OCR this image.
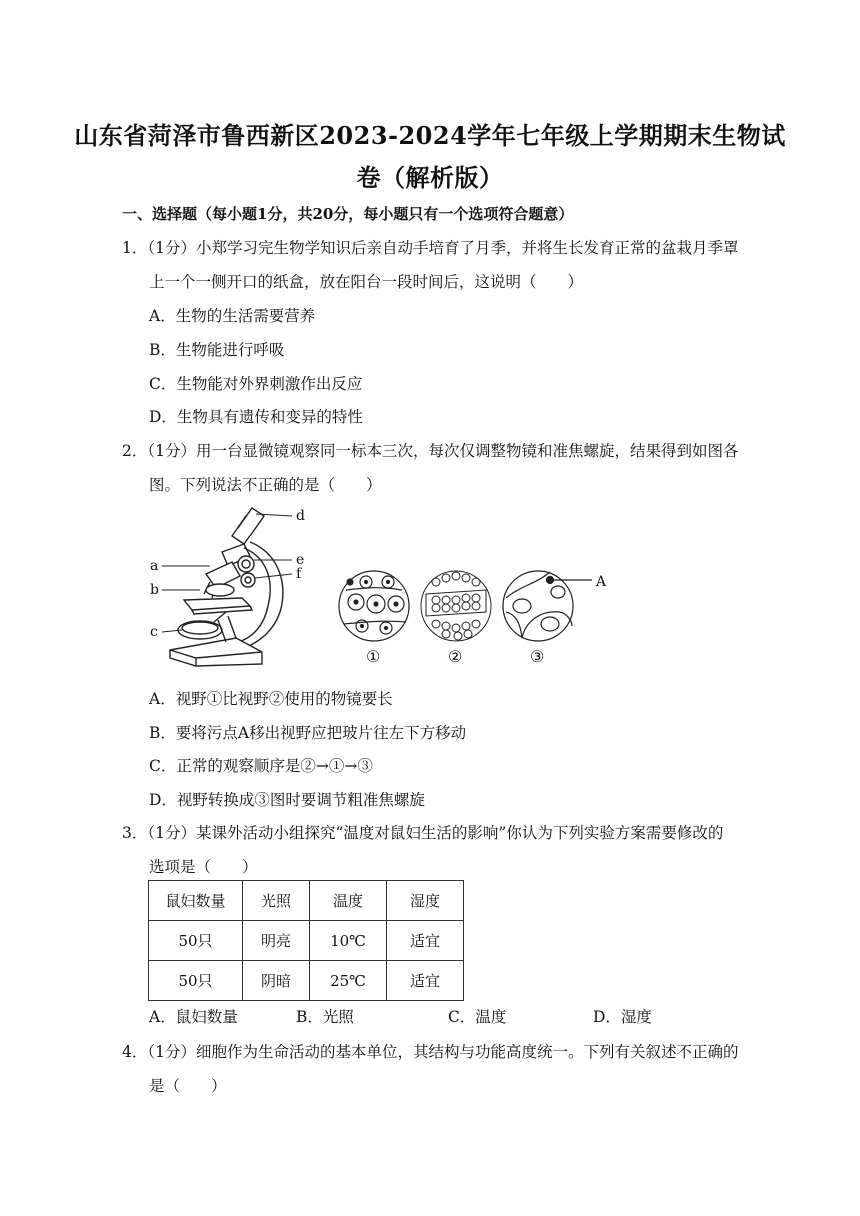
山东省菏泽市鲁西新区2023-2024学年七年级上学期期末生物试
卷（解析版）
一、选择题（每小题1分，共20分，每小题只有一个选项符合题意）
1．（1分）小郑学习完生物学知识后亲自动手培育了月季，并将生长发育正常的盆栽月季罩
上一个一侧开口的纸盒，放在阳台一段时间后，这说明（　　）
A．生物的生活需要营养
B．生物能进行呼吸
C．生物能对外界刺激作出反应
D．生物具有遗传和变异的特性
2．（1分）用一台显微镜观察同一标本三次，每次仅调整物镜和准焦螺旋，结果得到如图各
图。下列说法不正确的是（　　）
a
b
c
d
e
f	A
①	②	③
A．视野①比视野②使用的物镜要长
B．要将污点A移出视野应把玻片往左下方移动
C．正常的观察顺序是②→①→③
D．视野转换成③图时要调节粗准焦螺旋
3．（1分）某课外活动小组探究“温度对鼠妇生活的影响”你认为下列实验方案需要修改的
选项是（　　）
鼠妇数量	光照	温度	湿度
50只	明亮	10℃	适宜
50只	阴暗	25℃	适宜
A．鼠妇数量	B．光照	C．温度	D．湿度
4．（1分）细胞作为生命活动的基本单位，其结构与功能高度统一。下列有关叙述不正确的
是（　　）
